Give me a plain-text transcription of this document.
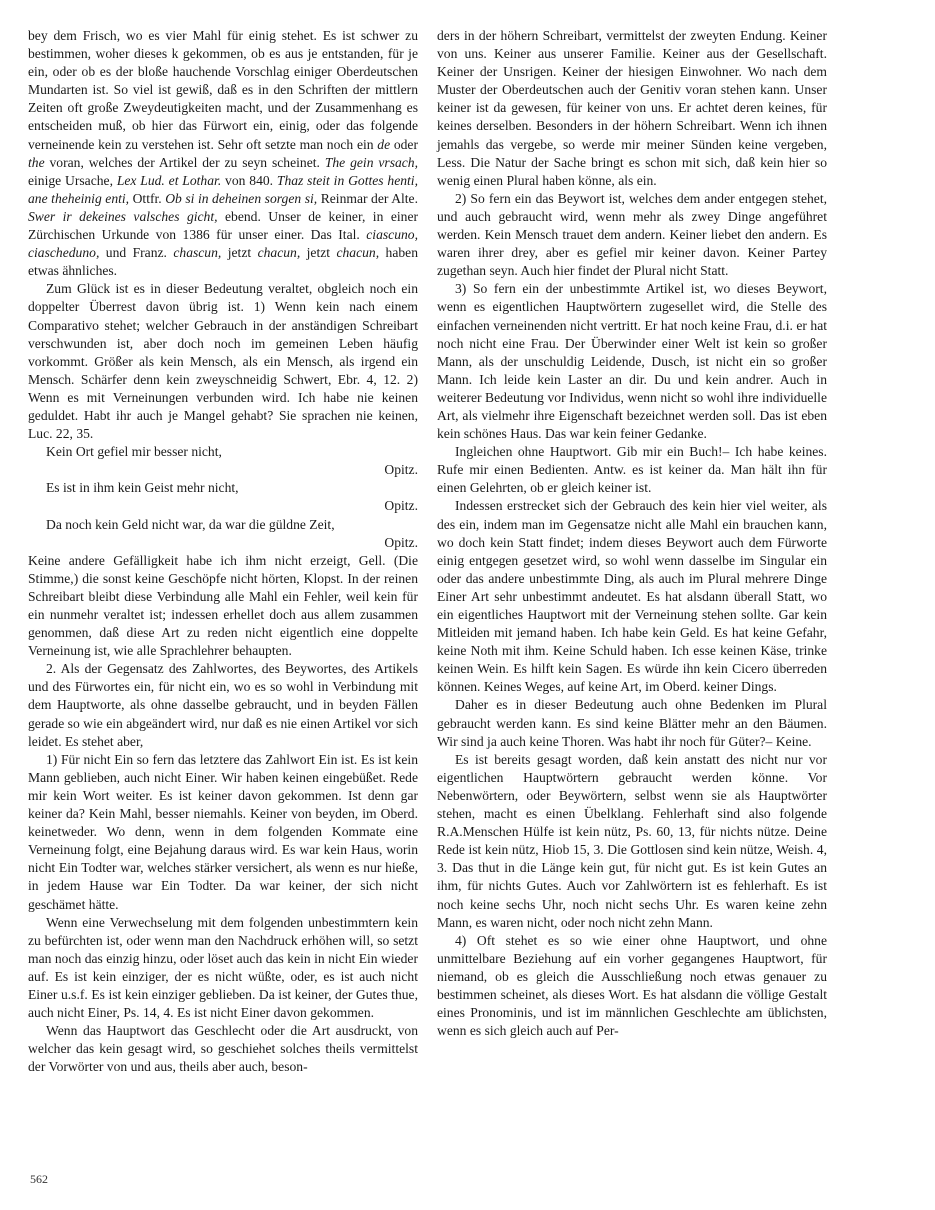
bey dem Frisch, wo es vier Mahl für einig stehet. Es ist schwer zu bestimmen, woher dieses k gekommen, ob es aus je entstanden, für je ein, oder ob es der bloße hauchende Vorschlag einiger Oberdeutschen Mundarten ist. So viel ist gewiß, daß es in den Schriften der mittlern Zeiten oft große Zweydeutigkeiten macht, und der Zusammenhang es entscheiden muß, ob hier das Fürwort ein, einig, oder das folgende verneinende kein zu verstehen ist. Sehr oft setzte man noch ein de oder the voran, welches der Artikel der zu seyn scheinet. The gein vrsach, einige Ursache, Lex Lud. et Lothar. von 840. Thaz steit in Gottes henti, ane theheinig enti, Ottfr. Ob si in deheinen sorgen si, Reinmar der Alte. Swer ir dekeines valsches gicht, ebend. Unser de keiner, in einer Zürchischen Urkunde von 1386 für unser einer. Das Ital. ciascuno, ciascheduno, und Franz. chascun, jetzt chacun, jetzt chacun, haben etwas ähnliches.

Zum Glück ist es in dieser Bedeutung veraltet, obgleich noch ein doppelter Überrest davon übrig ist. 1) Wenn kein nach einem Comparativo stehet; welcher Gebrauch in der anständigen Schreibart verschwunden ist, aber doch noch im gemeinen Leben häufig vorkommt. Größer als kein Mensch, als ein Mensch, als irgend ein Mensch. Schärfer denn kein zweyschneidig Schwert, Ebr. 4, 12. 2) Wenn es mit Verneinungen verbunden wird. Ich habe nie keinen geduldet. Habt ihr auch je Mangel gehabt? Sie sprachen nie keinen, Luc. 22, 35.

Kein Ort gefiel mir besser nicht,

Opitz.

Es ist in ihm kein Geist mehr nicht,

Opitz.

Da noch kein Geld nicht war, da war die güldne Zeit,

Opitz.

Keine andere Gefälligkeit habe ich ihm nicht erzeigt, Gell. (Die Stimme,) die sonst keine Geschöpfe nicht hörten, Klopst. In der reinen Schreibart bleibt diese Verbindung alle Mahl ein Fehler, weil kein für ein nunmehr veraltet ist; indessen erhellet doch aus allem zusammen genommen, daß diese Art zu reden nicht eigentlich eine doppelte Verneinung ist, wie alle Sprachlehrer behaupten.

2. Als der Gegensatz des Zahlwortes, des Beywortes, des Artikels und des Fürwortes ein, für nicht ein, wo es so wohl in Verbindung mit dem Hauptworte, als ohne dasselbe gebraucht, und in beyden Fällen gerade so wie ein abgeändert wird, nur daß es nie einen Artikel vor sich leidet. Es stehet aber,

1) Für nicht Ein so fern das letztere das Zahlwort Ein ist. Es ist kein Mann geblieben, auch nicht Einer. Wir haben keinen eingebüßet. Rede mir kein Wort weiter. Es ist keiner davon gekommen. Ist denn gar keiner da? Kein Mahl, besser niemahls. Keiner von beyden, im Oberd. keinetweder. Wo denn, wenn in dem folgenden Kommate eine Verneinung folgt, eine Bejahung daraus wird. Es war kein Haus, worin nicht Ein Todter war, welches stärker versichert, als wenn es nur hieße, in jedem Hause war Ein Todter. Da war keiner, der sich nicht geschämet hätte.

Wenn eine Verwechselung mit dem folgenden unbestimmtern kein zu befürchten ist, oder wenn man den Nachdruck erhöhen will, so setzt man noch das einzig hinzu, oder löset auch das kein in nicht Ein wieder auf. Es ist kein einziger, der es nicht wüßte, oder, es ist auch nicht Einer u.s.f. Es ist kein einziger geblieben. Da ist keiner, der Gutes thue, auch nicht Einer, Ps. 14, 4. Es ist nicht Einer davon gekommen.

Wenn das Hauptwort das Geschlecht oder die Art ausdruckt, von welcher das kein gesagt wird, so geschiehet solches theils vermittelst der Vorwörter von und aus, theils aber auch, beson-

ders in der höhern Schreibart, vermittelst der zweyten Endung. Keiner von uns. Keiner aus unserer Familie. Keiner aus der Gesellschaft. Keiner der Unsrigen. Keiner der hiesigen Einwohner. Wo nach dem Muster der Oberdeutschen auch der Genitiv voran stehen kann. Unser keiner ist da gewesen, für keiner von uns. Er achtet deren keines, für keines derselben. Besonders in der höhern Schreibart. Wenn ich ihnen jemahls das vergebe, so werde mir meiner Sünden keine vergeben, Less. Die Natur der Sache bringt es schon mit sich, daß kein hier so wenig einen Plural haben könne, als ein.

2) So fern ein das Beywort ist, welches dem ander entgegen stehet, und auch gebraucht wird, wenn mehr als zwey Dinge angeführet werden. Kein Mensch trauet dem andern. Keiner liebet den andern. Es waren ihrer drey, aber es gefiel mir keiner davon. Keiner Partey zugethan seyn. Auch hier findet der Plural nicht Statt.

3) So fern ein der unbestimmte Artikel ist, wo dieses Beywort, wenn es eigentlichen Hauptwörtern zugesellet wird, die Stelle des einfachen verneinenden nicht vertritt. Er hat noch keine Frau, d.i. er hat noch nicht eine Frau. Der Überwinder einer Welt ist kein so großer Mann, als der unschuldig Leidende, Dusch, ist nicht ein so großer Mann. Ich leide kein Laster an dir. Du und kein andrer. Auch in weiterer Bedeutung vor Individus, wenn nicht so wohl ihre individuelle Art, als vielmehr ihre Eigenschaft bezeichnet werden soll. Das ist eben kein schönes Haus. Das war kein feiner Gedanke.

Ingleichen ohne Hauptwort. Gib mir ein Buch!– Ich habe keines. Rufe mir einen Bedienten. Antw. es ist keiner da. Man hält ihn für einen Gelehrten, ob er gleich keiner ist.

Indessen erstrecket sich der Gebrauch des kein hier viel weiter, als des ein, indem man im Gegensatze nicht alle Mahl ein brauchen kann, wo doch kein Statt findet; indem dieses Beywort auch dem Fürworte einig entgegen gesetzet wird, so wohl wenn dasselbe im Singular ein oder das andere unbestimmte Ding, als auch im Plural mehrere Dinge Einer Art sehr unbestimmt andeutet. Es hat alsdann überall Statt, wo ein eigentliches Hauptwort mit der Verneinung stehen sollte. Gar kein Mitleiden mit jemand haben. Ich habe kein Geld. Es hat keine Gefahr, keine Noth mit ihm. Keine Schuld haben. Ich esse keinen Käse, trinke keinen Wein. Es hilft kein Sagen. Es würde ihn kein Cicero überreden können. Keines Weges, auf keine Art, im Oberd. keiner Dings.

Daher es in dieser Bedeutung auch ohne Bedenken im Plural gebraucht werden kann. Es sind keine Blätter mehr an den Bäumen. Wir sind ja auch keine Thoren. Was habt ihr noch für Güter?– Keine.

Es ist bereits gesagt worden, daß kein anstatt des nicht nur vor eigentlichen Hauptwörtern gebraucht werden könne. Vor Nebenwörtern, oder Beywörtern, selbst wenn sie als Hauptwörter stehen, macht es einen Übelklang. Fehlerhaft sind also folgende R.A.Menschen Hülfe ist kein nütz, Ps. 60, 13, für nichts nütze. Deine Rede ist kein nütz, Hiob 15, 3. Die Gottlosen sind kein nütze, Weish. 4, 3. Das thut in die Länge kein gut, für nicht gut. Es ist kein Gutes an ihm, für nichts Gutes. Auch vor Zahlwörtern ist es fehlerhaft. Es ist noch keine sechs Uhr, noch nicht sechs Uhr. Es waren keine zehn Mann, es waren nicht, oder noch nicht zehn Mann.

4) Oft stehet es so wie einer ohne Hauptwort, und ohne unmittelbare Beziehung auf ein vorher gegangenes Hauptwort, für niemand, ob es gleich die Ausschließung noch etwas genauer zu bestimmen scheinet, als dieses Wort. Es hat alsdann die völlige Gestalt eines Pronominis, und ist im männlichen Geschlechte am üblichsten, wenn es sich gleich auch auf Per-

562
